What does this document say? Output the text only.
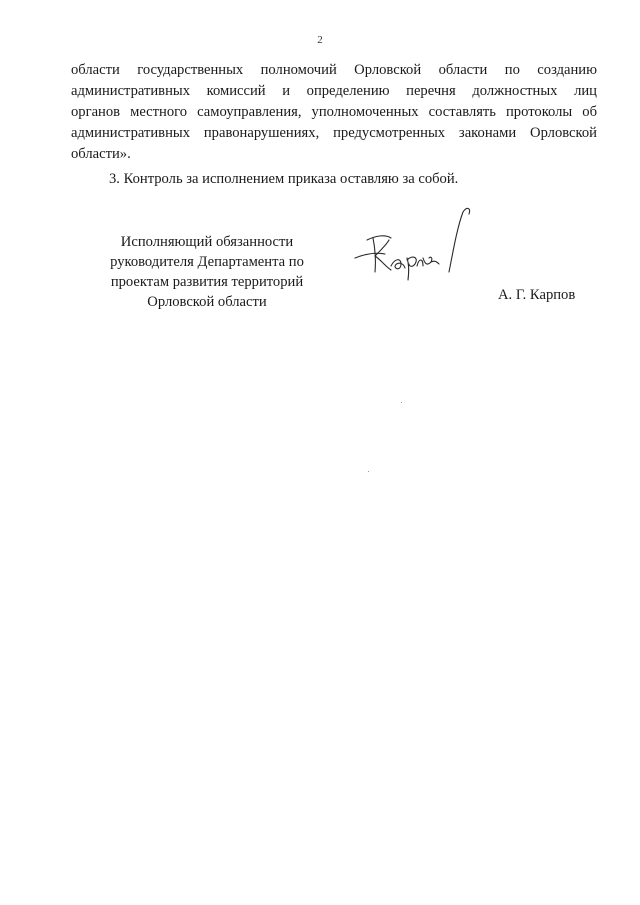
2
области государственных полномочий Орловской области по созданию
административных комиссий и определению перечня должностных лиц
органов местного самоуправления, уполномоченных составлять протоколы об
административных правонарушениях, предусмотренных законами Орловской
области».
3. Контроль за исполнением приказа оставляю за собой.
Исполняющий обязанности
руководителя Департамента по
проектам развития территорий
Орловской области	А. Г. Карпов
